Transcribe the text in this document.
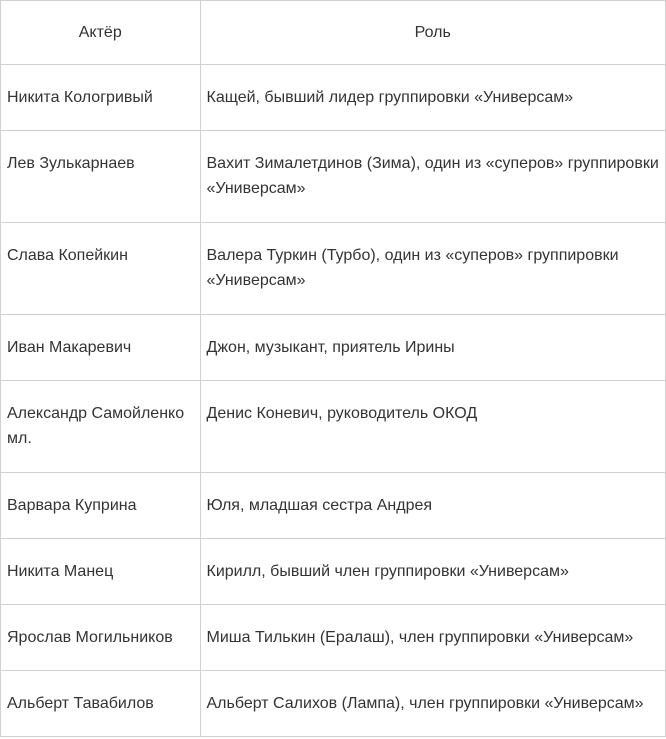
Актёр	Роль

Никита Кологривый	Кащей, бывший лидер группировки «Универсам»

Лев Зулькарнаев	Вахит Зималетдинов (Зима), один из «суперов» группировки «Универсам»

Слава Копейкин	Валера Туркин (Турбо), один из «суперов» группировки «Универсам»

Иван Макаревич	Джон, музыкант, приятель Ирины

Александр Самойленко мл.	Денис Коневич, руководитель ОКОД

Варвара Куприна	Юля, младшая сестра Андрея

Никита Манец	Кирилл, бывший член группировки «Универсам»

Ярослав Могильников	Миша Тилькин (Ералаш), член группировки «Универсам»

Альберт Тавабилов	Альберт Салихов (Лампа), член группировки «Универсам»
